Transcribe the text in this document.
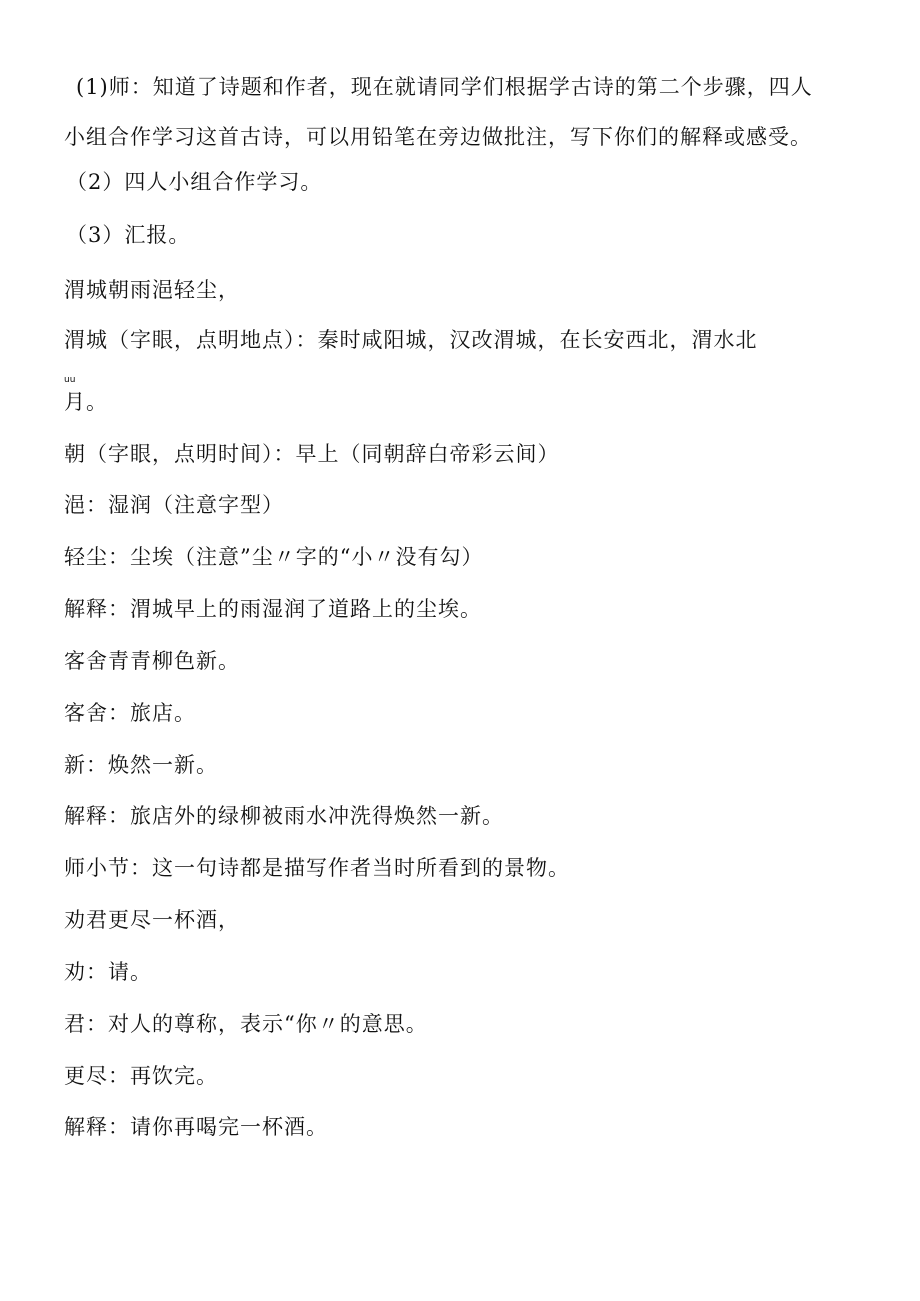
(1)师：知道了诗题和作者，现在就请同学们根据学古诗的第二个步骤，四人
小组合作学习这首古诗，可以用铅笔在旁边做批注，写下你们的解释或感受。
（2）四人小组合作学习。
（3）汇报。
渭城朝雨浥轻尘，
渭城（字眼，点明地点）：秦时咸阳城，汉改渭城，在长安西北，渭水北
uu
月。
朝（字眼，点明时间）：早上（同朝辞白帝彩云间）
浥：湿润（注意字型）
轻尘：尘埃（注意”尘〃字的“小〃没有勾）
解释：渭城早上的雨湿润了道路上的尘埃。
客舍青青柳色新。
客舍：旅店。
新：焕然一新。
解释：旅店外的绿柳被雨水冲洗得焕然一新。
师小节：这一句诗都是描写作者当时所看到的景物。
劝君更尽一杯酒，
劝：请。
君：对人的尊称，表示“你〃的意思。
更尽：再饮完。
解释：请你再喝完一杯酒。
